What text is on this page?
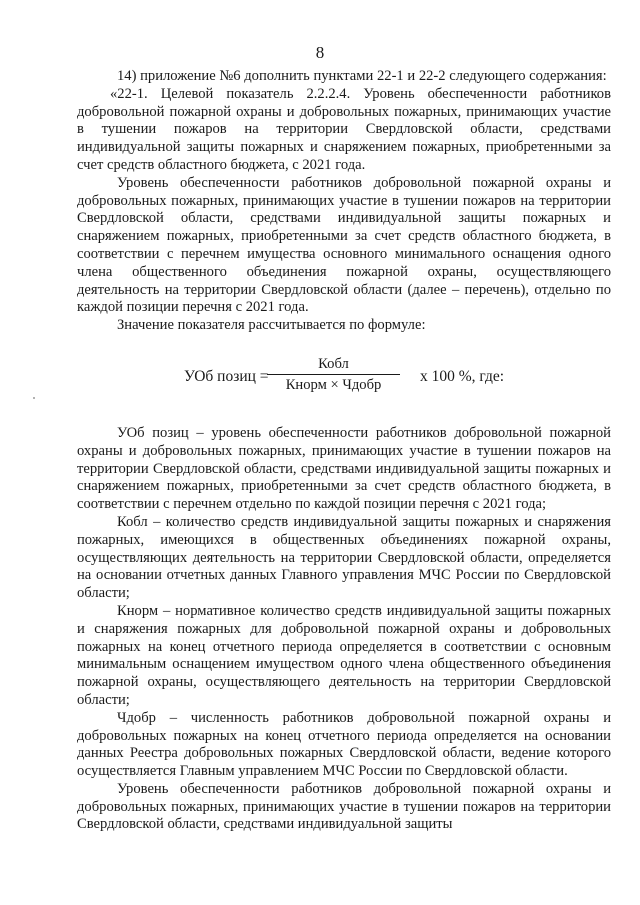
8

14) приложение №6 дополнить пунктами 22-1 и 22-2 следующего содержания:

«22-1. Целевой показатель 2.2.2.4. Уровень обеспеченности работников добровольной пожарной охраны и добровольных пожарных, принимающих участие в тушении пожаров на территории Свердловской области, средствами индивидуальной защиты пожарных и снаряжением пожарных, приобретенными за счет средств областного бюджета, с 2021 года.

Уровень обеспеченности работников добровольной пожарной охраны и добровольных пожарных, принимающих участие в тушении пожаров на территории Свердловской области, средствами индивидуальной защиты пожарных и снаряжением пожарных, приобретенными за счет средств областного бюджета, в соответствии с перечнем имущества основного минимального оснащения одного члена общественного объединения пожарной охраны, осуществляющего деятельность на территории Свердловской области (далее – перечень), отдельно по каждой позиции перечня с 2021 года.

Значение показателя рассчитывается по формуле:

УОб позиц =
Кобл
Кнорм × Чдобр	х 100 %, где:

УОб позиц – уровень обеспеченности работников добровольной пожарной охраны и добровольных пожарных, принимающих участие в тушении пожаров на территории Свердловской области, средствами индивидуальной защиты пожарных и снаряжением пожарных, приобретенными за счет средств областного бюджета, в соответствии с перечнем отдельно по каждой позиции перечня с 2021 года;

Кобл – количество средств индивидуальной защиты пожарных и снаряжения пожарных, имеющихся в общественных объединениях пожарной охраны, осуществляющих деятельность на территории Свердловской области, определяется на основании отчетных данных Главного управления МЧС России по Свердловской области;

Кнорм – нормативное количество средств индивидуальной защиты пожарных и снаряжения пожарных для добровольной пожарной охраны и добровольных пожарных на конец отчетного периода определяется в соответствии с основным минимальным оснащением имуществом одного члена общественного объединения пожарной охраны, осуществляющего деятельность на территории Свердловской области;

Чдобр – численность работников добровольной пожарной охраны и добровольных пожарных на конец отчетного периода определяется на основании данных Реестра добровольных пожарных Свердловской области, ведение которого осуществляется Главным управлением МЧС России по Свердловской области.

Уровень обеспеченности работников добровольной пожарной охраны и добровольных пожарных, принимающих участие в тушении пожаров на территории Свердловской области, средствами индивидуальной защиты
